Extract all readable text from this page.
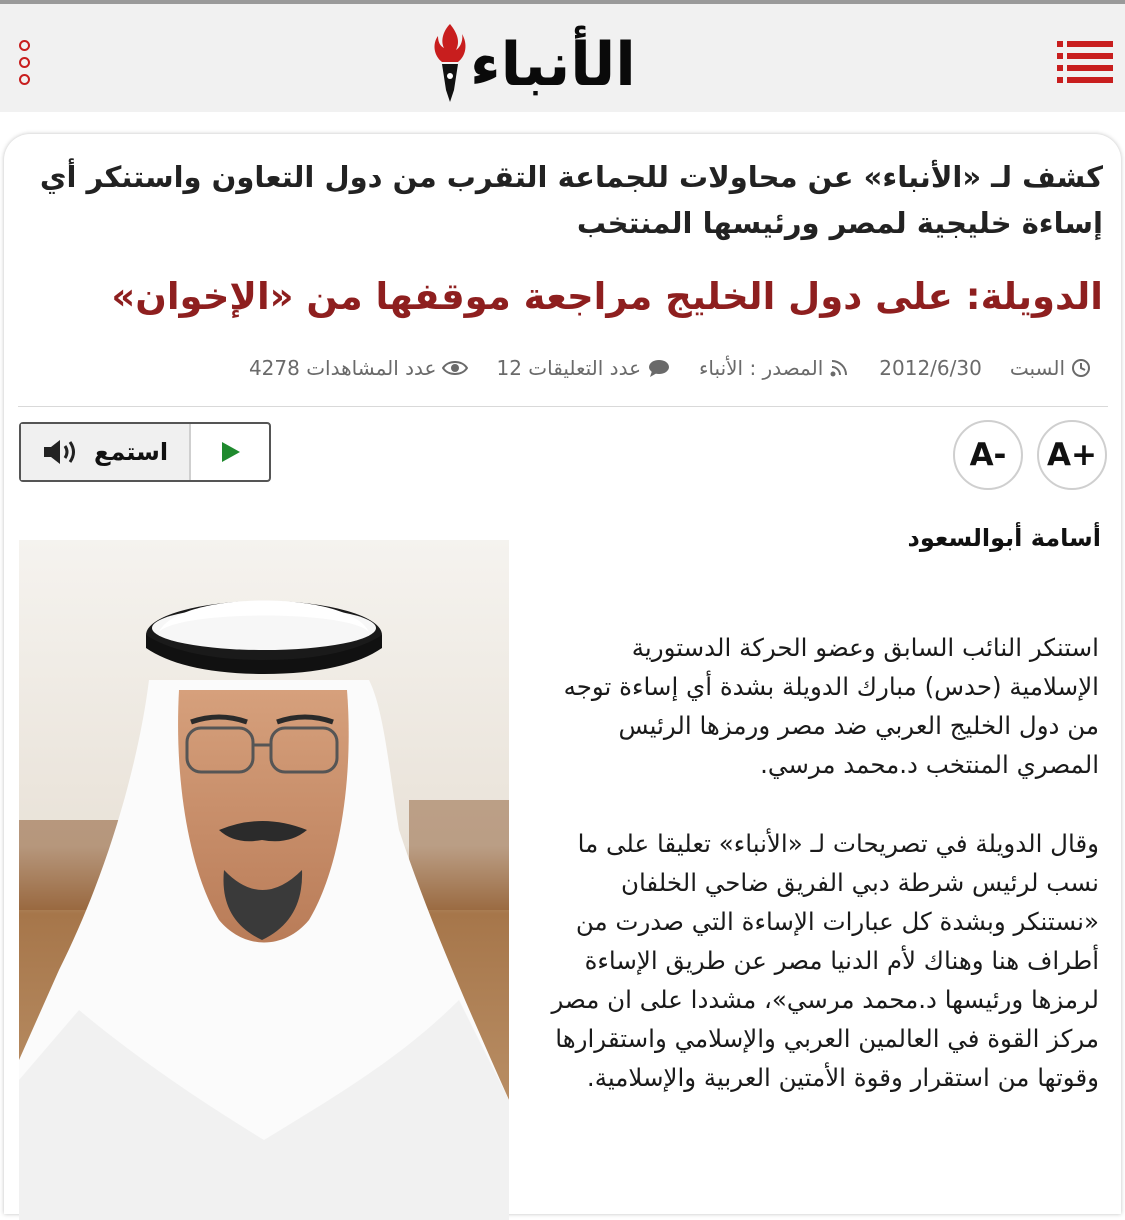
الأنباء
كشف لـ «الأنباء» عن محاولات للجماعة التقرب من دول التعاون واستنكر أي إساءة خليجية لمصر ورئيسها المنتخب
الدويلة: على دول الخليج مراجعة موقفها من «الإخوان»
السبت
2012/6/30
المصدر : الأنباء
عدد التعليقات 12
عدد المشاهدات 4278
A+
A-
استمع
أسامة أبوالسعود

استنكر النائب السابق وعضو الحركة الدستورية الإسلامية (حدس) مبارك الدويلة بشدة أي إساءة توجه من دول الخليج العربي ضد مصر ورمزها الرئيس المصري المنتخب د.محمد مرسي.

وقال الدويلة في تصريحات لـ «الأنباء» تعليقا على ما نسب لرئيس شرطة دبي الفريق ضاحي الخلفان «نستنكر وبشدة كل عبارات الإساءة التي صدرت من أطراف هنا وهناك لأم الدنيا مصر عن طريق الإساءة لرمزها ورئيسها د.محمد مرسي»، مشددا على ان مصر مركز القوة في العالمين العربي والإسلامي واستقرارها وقوتها من استقرار وقوة الأمتين العربية والإسلامية.
